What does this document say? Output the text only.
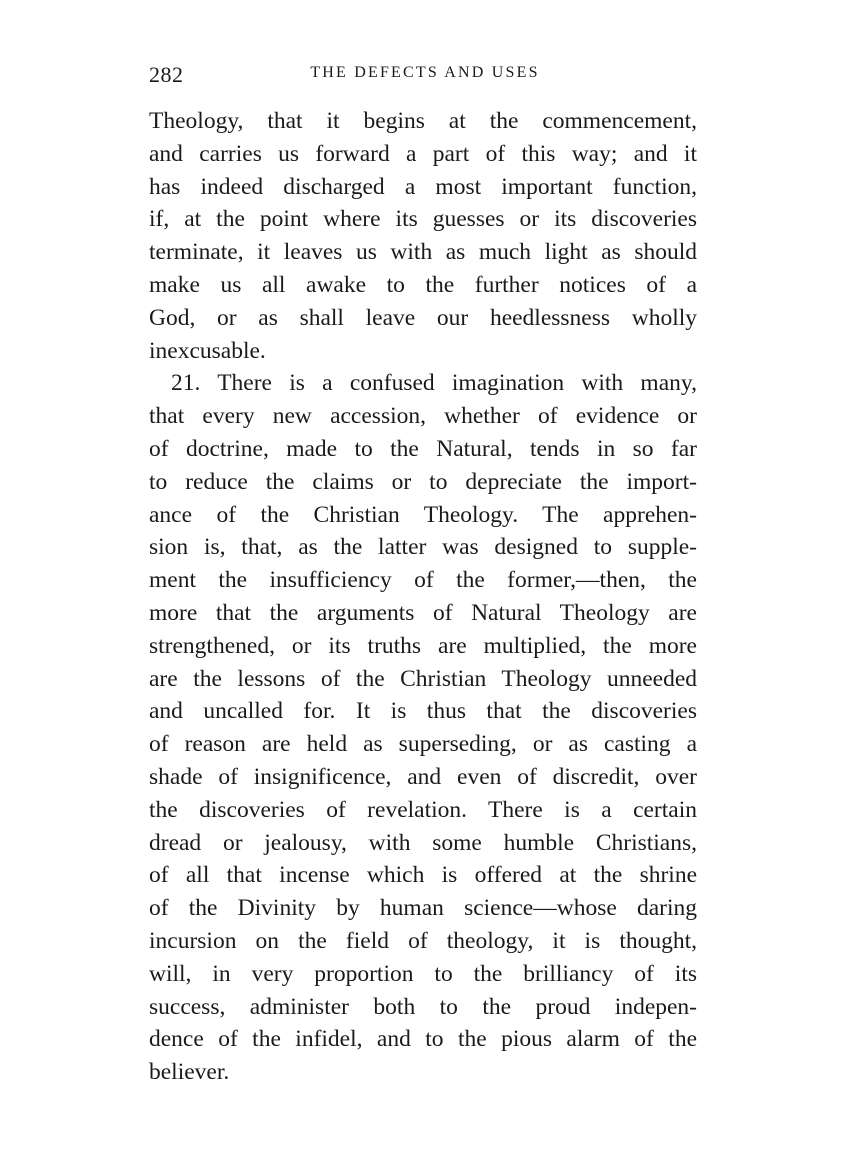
282	THE DEFECTS AND USES
Theology, that it begins at the commencement,
and carries us forward a part of this way; and it
has indeed discharged a most important function,
if, at the point where its guesses or its discoveries
terminate, it leaves us with as much light as should
make us all awake to the further notices of a
God, or as shall leave our heedlessness wholly
inexcusable.
21. There is a confused imagination with many,
that every new accession, whether of evidence or
of doctrine, made to the Natural, tends in so far
to reduce the claims or to depreciate the import-
ance of the Christian Theology. The apprehen-
sion is, that, as the latter was designed to supple-
ment the insufficiency of the former,—then, the
more that the arguments of Natural Theology are
strengthened, or its truths are multiplied, the more
are the lessons of the Christian Theology unneeded
and uncalled for. It is thus that the discoveries
of reason are held as superseding, or as casting a
shade of insignificence, and even of discredit, over
the discoveries of revelation. There is a certain
dread or jealousy, with some humble Christians,
of all that incense which is offered at the shrine
of the Divinity by human science—whose daring
incursion on the field of theology, it is thought,
will, in very proportion to the brilliancy of its
success, administer both to the proud indepen-
dence of the infidel, and to the pious alarm of the
believer.
